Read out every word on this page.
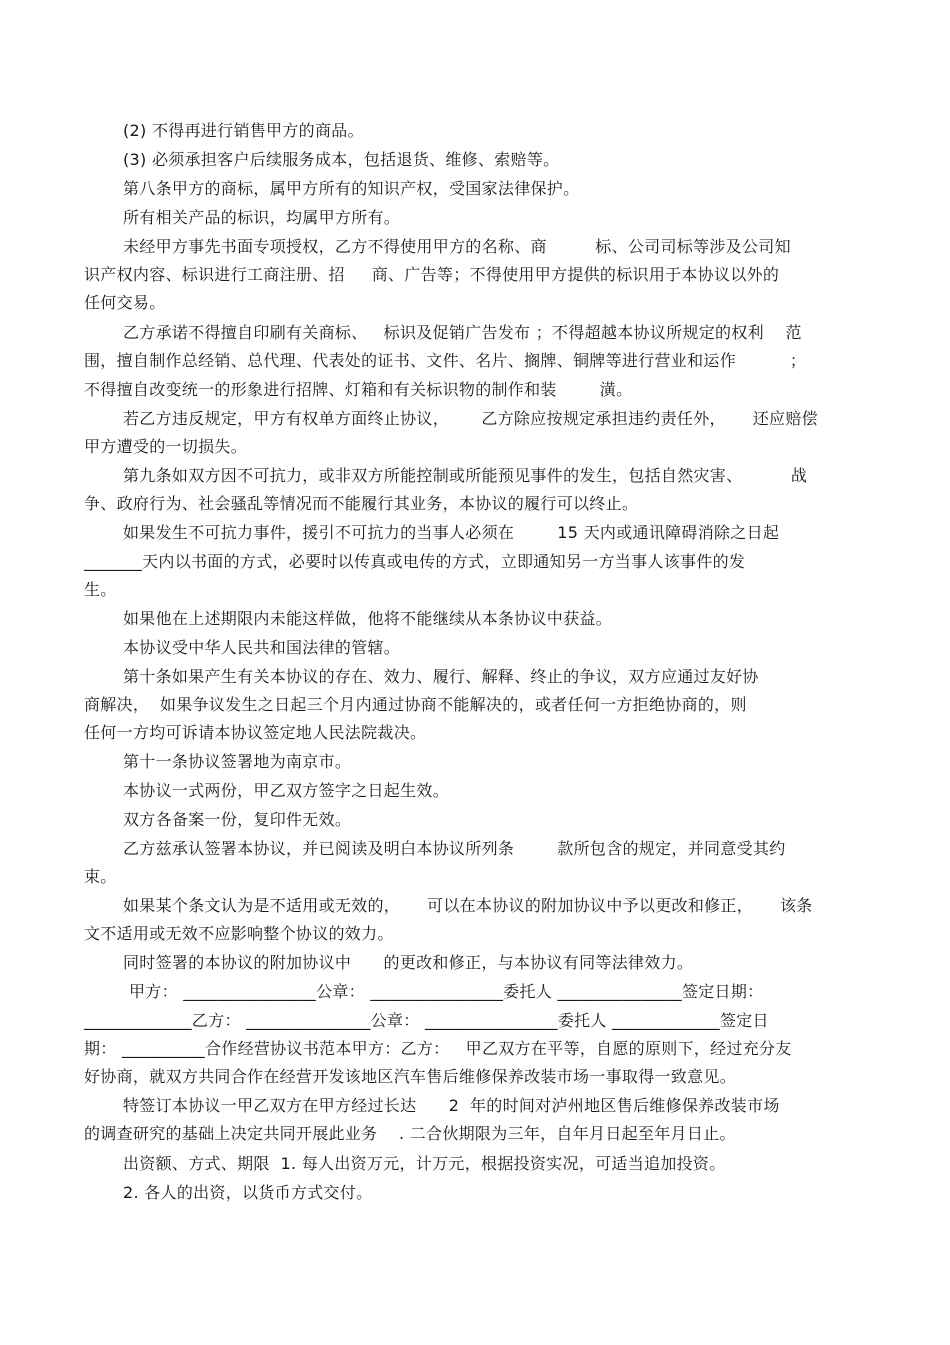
(2) 不得再进行销售甲方的商品。
(3) 必须承担客户后续服务成本，包括退货、维修、索赔等。
第八条甲方的商标，属甲方所有的知识产权，受国家法律保护。
所有相关产品的标识，均属甲方所有。
未经甲方事先书面专项授权，乙方不得使用甲方的名称、商         标、公司司标等涉及公司知
识产权内容、标识进行工商注册、招     商、广告等；不得使用甲方提供的标识用于本协议以外的
任何交易。
乙方承诺不得擅自印刷有关商标、   标识及促销广告发布 ；不得超越本协议所规定的权利    范
围，擅自制作总经销、总代理、代表处的证书、文件、名片、搁牌、铜牌等进行营业和运作          ；
不得擅自改变统一的形象进行招牌、灯箱和有关标识物的制作和装        潢。
若乙方违反规定，甲方有权单方面终止协议，      乙方除应按规定承担违约责任外，     还应赔偿
甲方遭受的一切损失。
第九条如双方因不可抗力，或非双方所能控制或所能预见事件的发生，包括自然灾害、         战
争、政府行为、社会骚乱等情况而不能履行其业务，本协议的履行可以终止。
如果发生不可抗力事件，援引不可抗力的当事人必须在        15 天内或通讯障碍消除之日起
_______天内以书面的方式，必要时以传真或电传的方式，立即通知另一方当事人该事件的发
生。
如果他在上述期限内未能这样做，他将不能继续从本条协议中获益。
本协议受中华人民共和国法律的管辖。
第十条如果产生有关本协议的存在、效力、履行、解释、终止的争议，双方应通过友好协
商解决，  如果争议发生之日起三个月内通过协商不能解决的，或者任何一方拒绝协商的，则
任何一方均可诉请本协议签定地人民法院裁决。
第十一条协议签署地为南京市。
本协议一式两份，甲乙双方签字之日起生效。
双方各备案一份，复印件无效。
乙方兹承认签署本协议，并已阅读及明白本协议所列条        款所包含的规定，并同意受其约
束。
如果某个条文认为是不适用或无效的，     可以在本协议的附加协议中予以更改和修正，     该条
文不适用或无效不应影响整个协议的效力。
同时签署的本协议的附加协议中      的更改和修正，与本协议有同等法律效力。
甲方： ________________公章： ________________委托人 _______________签定日期：
_____________乙方： _______________公章： ________________委托人 _____________签定日
期： __________合作经营协议书范本甲方：乙方：   甲乙双方在平等，自愿的原则下，经过充分友
好协商，就双方共同合作在经营开发该地区汽车售后维修保养改装市场一事取得一致意见。
特签订本协议一甲乙双方在甲方经过长达      2  年的时间对泸州地区售后维修保养改装市场
的调查研究的基础上决定共同开展此业务    . 二合伙期限为三年，自年月日起至年月日止。
出资额、方式、期限  1. 每人出资万元，计万元，根据投资实况，可适当追加投资。
2. 各人的出资，以货币方式交付。
